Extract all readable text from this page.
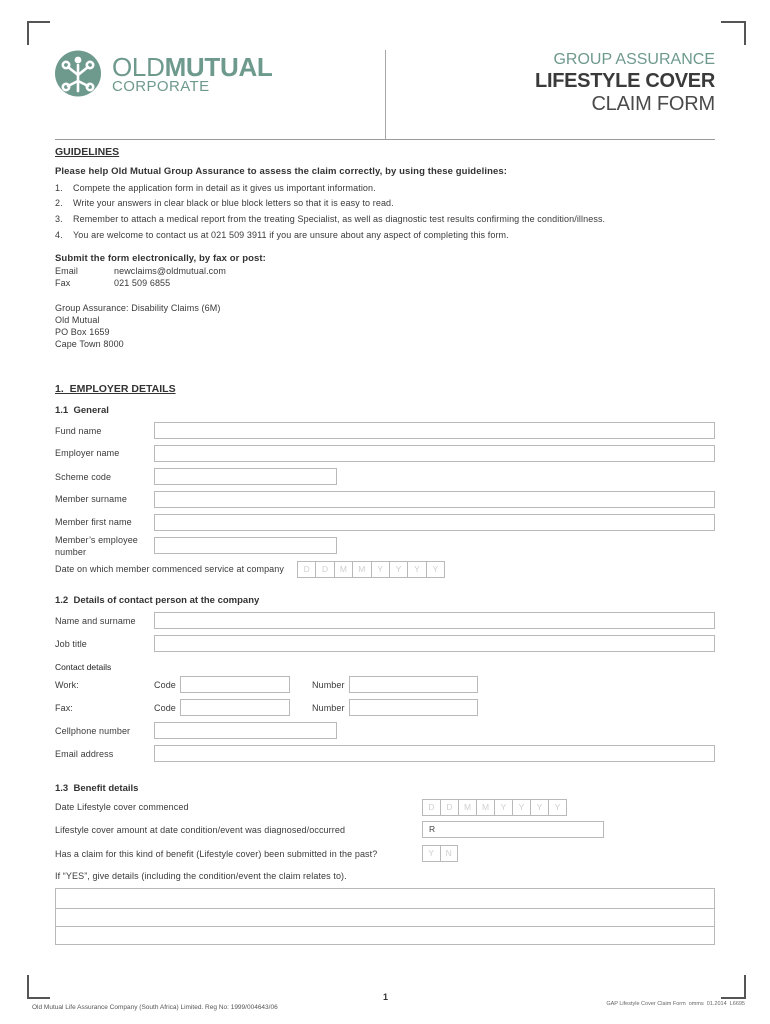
OLDMUTUAL
CORPORATE
GROUP ASSURANCE
LIFESTYLE COVER
CLAIM FORM
GUIDELINES
Please help Old Mutual Group Assurance to assess the claim correctly, by using these guidelines:
1. Compete the application form in detail as it gives us important information.
2. Write your answers in clear black or blue block letters so that it is easy to read.
3. Remember to attach a medical report from the treating Specialist, as well as diagnostic test results confirming the condition/illness.
4. You are welcome to contact us at 021 509 3911 if you are unsure about any aspect of completing this form.
Submit the form electronically, by fax or post:
Email	newclaims@oldmutual.com
Fax	021 509 6855
Group Assurance: Disability Claims (6M)
Old Mutual
PO Box 1659
Cape Town 8000
1.  EMPLOYER DETAILS
1.1  General
Fund name
Employer name
Scheme code
Member surname
Member first name
Member’s employee number
Date on which member commenced service at company	D	D	M	M	Y	Y	Y	Y
1.2  Details of contact person at the company
Name and surname
Job title
Contact details
Work:	Code	Number
Fax:	Code	Number
Cellphone number
Email address
1.3  Benefit details
Date Lifestyle cover commenced	D	D	M	M	Y	Y	Y	Y
Lifestyle cover amount at date condition/event was diagnosed/occurred	R
Has a claim for this kind of benefit (Lifestyle cover) been submitted in the past?	Y	N
If “YES”, give details (including the condition/event the claim relates to).
1
Old Mutual Life Assurance Company (South Africa) Limited. Reg No: 1999/004643/06	GAP Lifestyle Cover Claim Form  omms  01.2014  L6695
